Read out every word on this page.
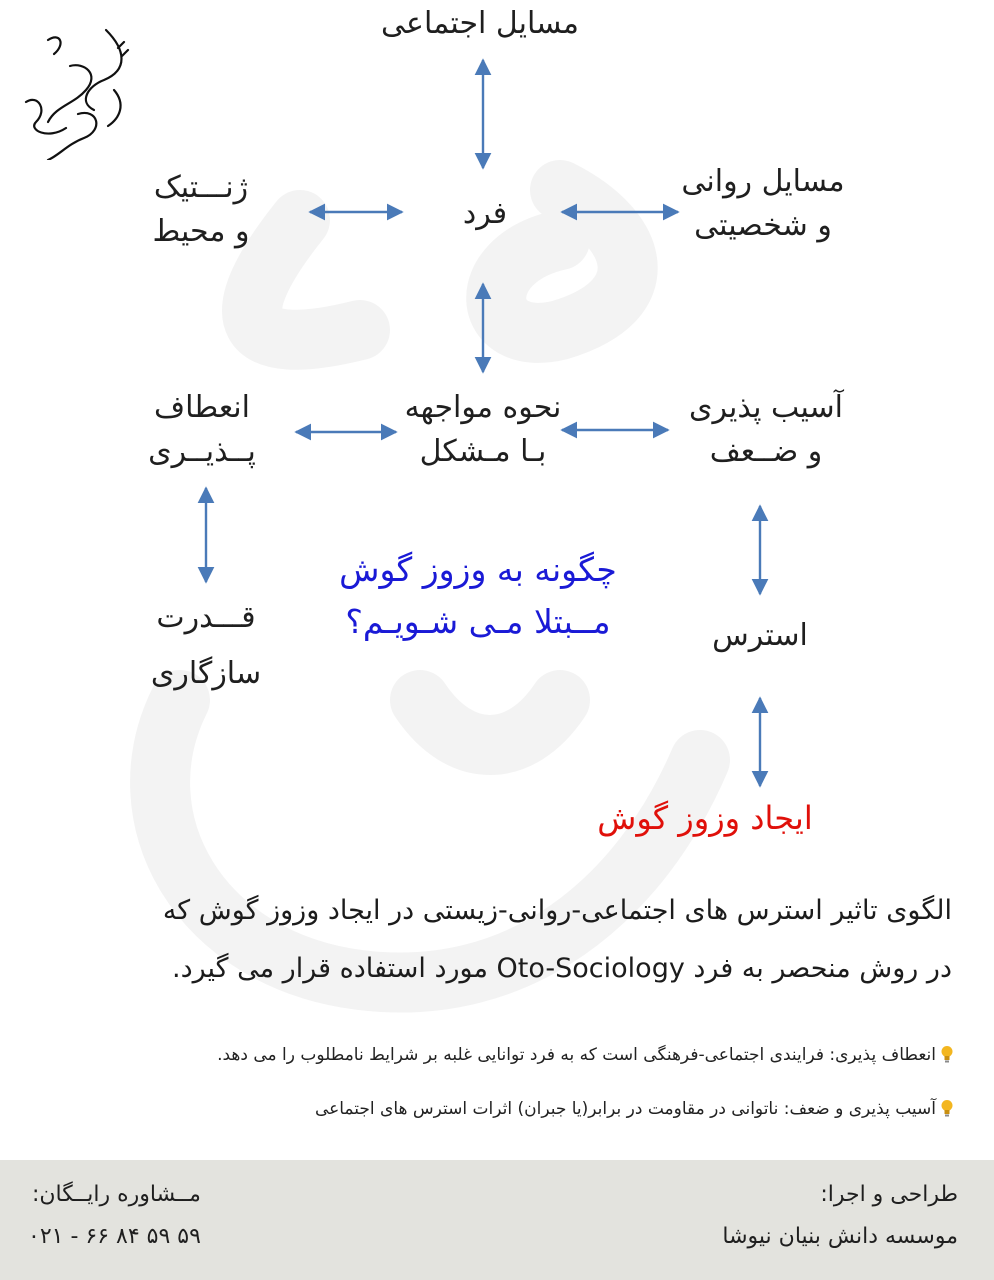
مسایل اجتماعی
ژنـــتیک
و محیط
فرد
مسایل روانی
و شخصیتی
انعطاف
پــذیــری
نحوه مواجهه
بـا مـشکل
آسیب پذیری
و ضــعف
قـــدرت
سازگاری
استرس
چگونه به وزوز گوش
مــبتلا مـی شـویـم؟
ایجاد وزوز گوش
الگوی تاثیر استرس های اجتماعی-روانی-زیستی در ایجاد وزوز گوش که
در روش منحصر به فرد Oto-Sociology مورد استفاده قرار می گیرد.
انعطاف پذیری: فرایندی اجتماعی-فرهنگی است که به فرد توانایی غلبه بر شرایط نامطلوب را می دهد.
آسیب پذیری و ضعف: ناتوانی در مقاومت در برابر(یا جبران) اثرات استرس های اجتماعی
طراحی و اجرا:
موسسه دانش بنیان نیوشا
مــشاوره رایــگان:
۰۲۱ - ۶۶ ۸۴ ۵۹ ۵۹
